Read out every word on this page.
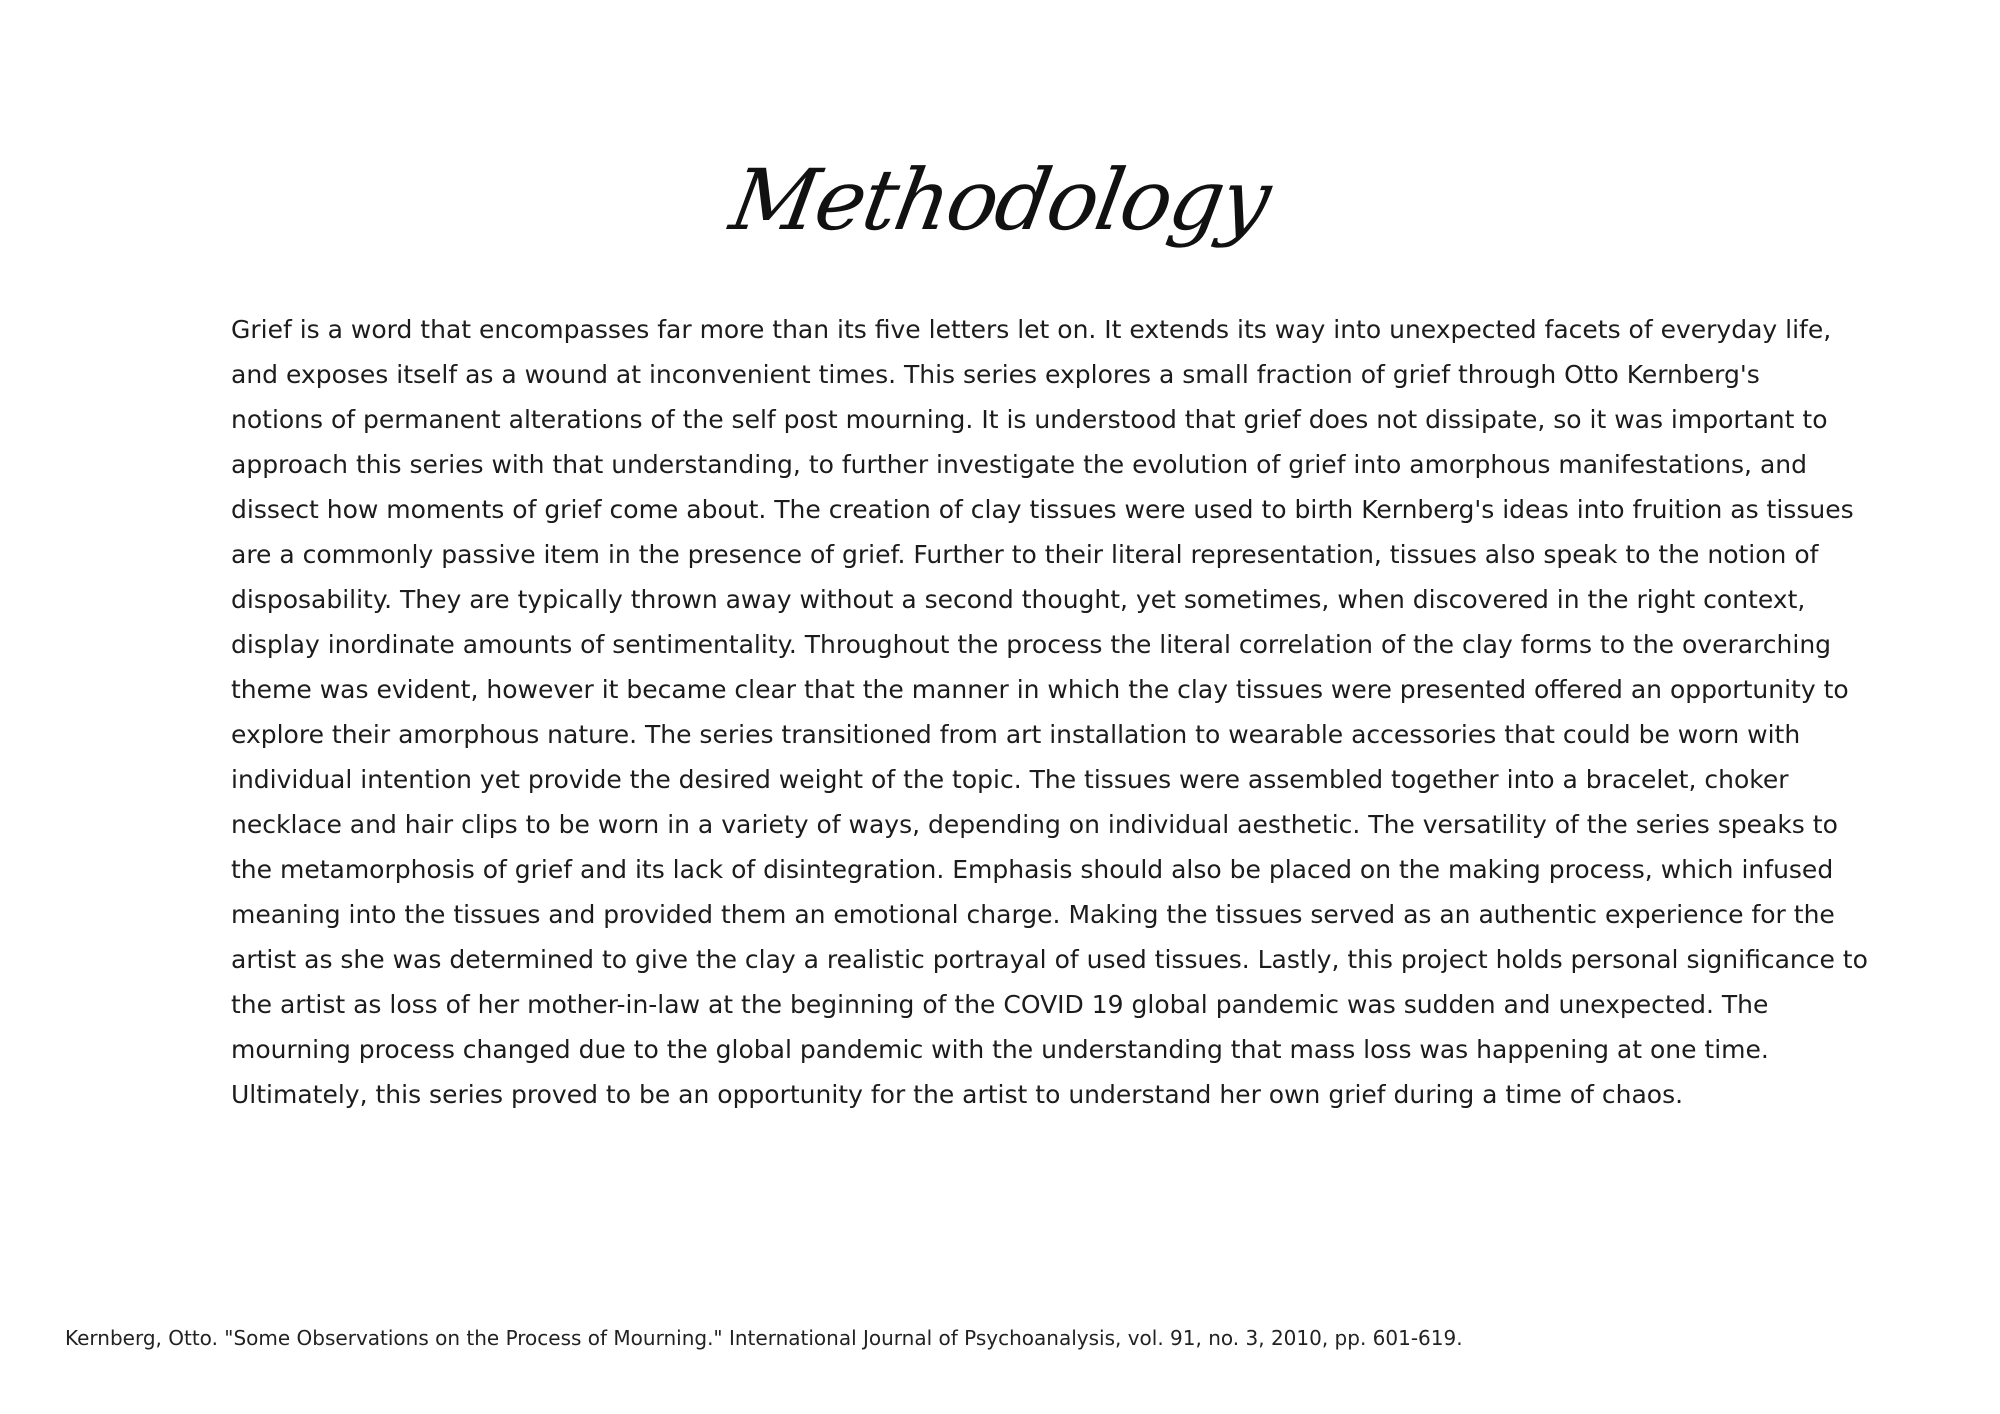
Methodology
Grief is a word that encompasses far more than its five letters let on. It extends its way into unexpected facets of everyday life,
and exposes itself as a wound at inconvenient times. This series explores a small fraction of grief through Otto Kernberg's
notions of permanent alterations of the self post mourning. It is understood that grief does not dissipate, so it was important to
approach this series with that understanding, to further investigate the evolution of grief into amorphous manifestations, and
dissect how moments of grief come about. The creation of clay tissues were used to birth Kernberg's ideas into fruition as tissues
are a commonly passive item in the presence of grief. Further to their literal representation, tissues also speak to the notion of
disposability. They are typically thrown away without a second thought, yet sometimes, when discovered in the right context,
display inordinate amounts of sentimentality. Throughout the process the literal correlation of the clay forms to the overarching
theme was evident, however it became clear that the manner in which the clay tissues were presented offered an opportunity to
explore their amorphous nature. The series transitioned from art installation to wearable accessories that could be worn with
individual intention yet provide the desired weight of the topic. The tissues were assembled together into a bracelet, choker
necklace and hair clips to be worn in a variety of ways, depending on individual aesthetic. The versatility of the series speaks to
the metamorphosis of grief and its lack of disintegration. Emphasis should also be placed on the making process, which infused
meaning into the tissues and provided them an emotional charge. Making the tissues served as an authentic experience for the
artist as she was determined to give the clay a realistic portrayal of used tissues. Lastly, this project holds personal significance to
the artist as loss of her mother-in-law at the beginning of the COVID 19 global pandemic was sudden and unexpected. The
mourning process changed due to the global pandemic with the understanding that mass loss was happening at one time.
Ultimately, this series proved to be an opportunity for the artist to understand her own grief during a time of chaos.
Kernberg, Otto. "Some Observations on the Process of Mourning." International Journal of Psychoanalysis, vol. 91, no. 3, 2010, pp. 601-619.
